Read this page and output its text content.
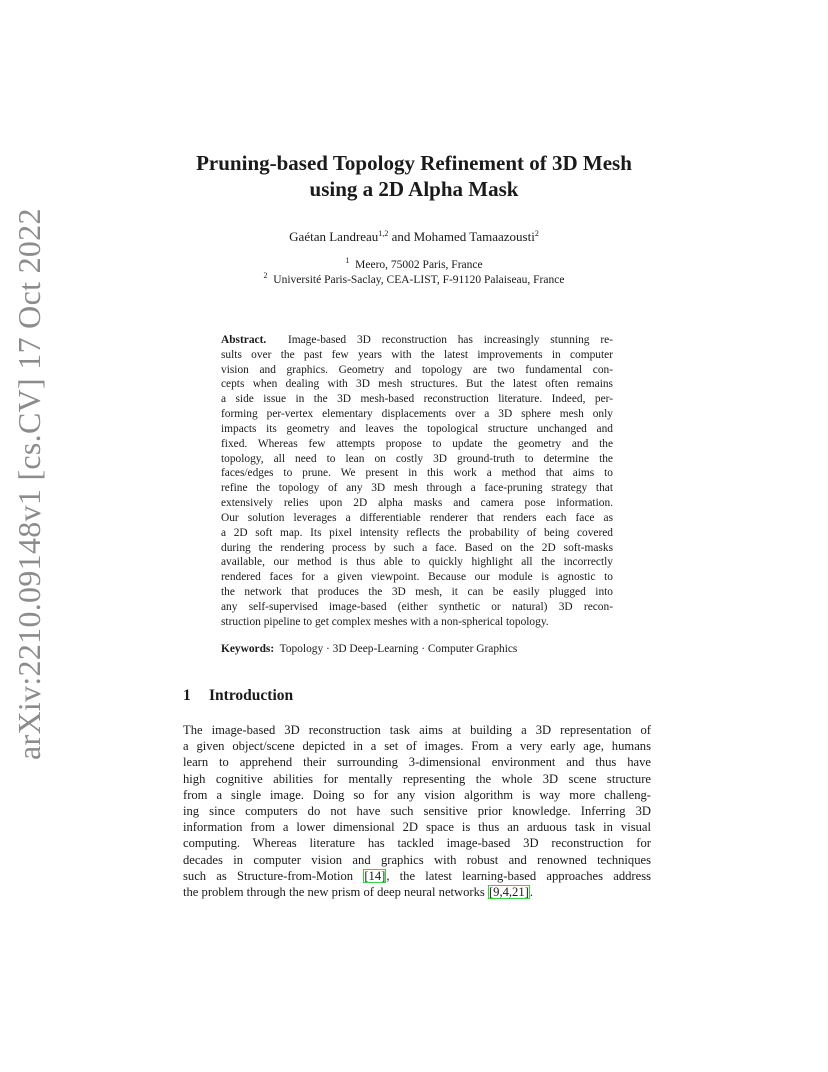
arXiv:2210.09148v1 [cs.CV] 17 Oct 2022
Pruning-based Topology Refinement of 3D Mesh
using a 2D Alpha Mask
Gaétan Landreau$^{1,2}$ and Mohamed Tamaazousti$^2$
$^1$ Meero, 75002 Paris, France
$^2$ Université Paris-Saclay, CEA-LIST, F-91120 Palaiseau, France
Abstract. Image-based 3D reconstruction has increasingly stunning re-
sults over the past few years with the latest improvements in computer
vision and graphics. Geometry and topology are two fundamental con-
cepts when dealing with 3D mesh structures. But the latest often remains
a side issue in the 3D mesh-based reconstruction literature. Indeed, per-
forming per-vertex elementary displacements over a 3D sphere mesh only
impacts its geometry and leaves the topological structure unchanged and
fixed. Whereas few attempts propose to update the geometry and the
topology, all need to lean on costly 3D ground-truth to determine the
faces/edges to prune. We present in this work a method that aims to
refine the topology of any 3D mesh through a face-pruning strategy that
extensively relies upon 2D alpha masks and camera pose information.
Our solution leverages a differentiable renderer that renders each face as
a 2D soft map. Its pixel intensity reflects the probability of being covered
during the rendering process by such a face. Based on the 2D soft-masks
available, our method is thus able to quickly highlight all the incorrectly
rendered faces for a given viewpoint. Because our module is agnostic to
the network that produces the 3D mesh, it can be easily plugged into
any self-supervised image-based (either synthetic or natural) 3D recon-
struction pipeline to get complex meshes with a non-spherical topology.
Keywords: Topology · 3D Deep-Learning · Computer Graphics
1 Introduction
The image-based 3D reconstruction task aims at building a 3D representation of
a given object/scene depicted in a set of images. From a very early age, humans
learn to apprehend their surrounding 3-dimensional environment and thus have
high cognitive abilities for mentally representing the whole 3D scene structure
from a single image. Doing so for any vision algorithm is way more challeng-
ing since computers do not have such sensitive prior knowledge. Inferring 3D
information from a lower dimensional 2D space is thus an arduous task in visual
computing. Whereas literature has tackled image-based 3D reconstruction for
decades in computer vision and graphics with robust and renowned techniques
such as Structure-from-Motion [14], the latest learning-based approaches address
the problem through the new prism of deep neural networks [9,4,21].
